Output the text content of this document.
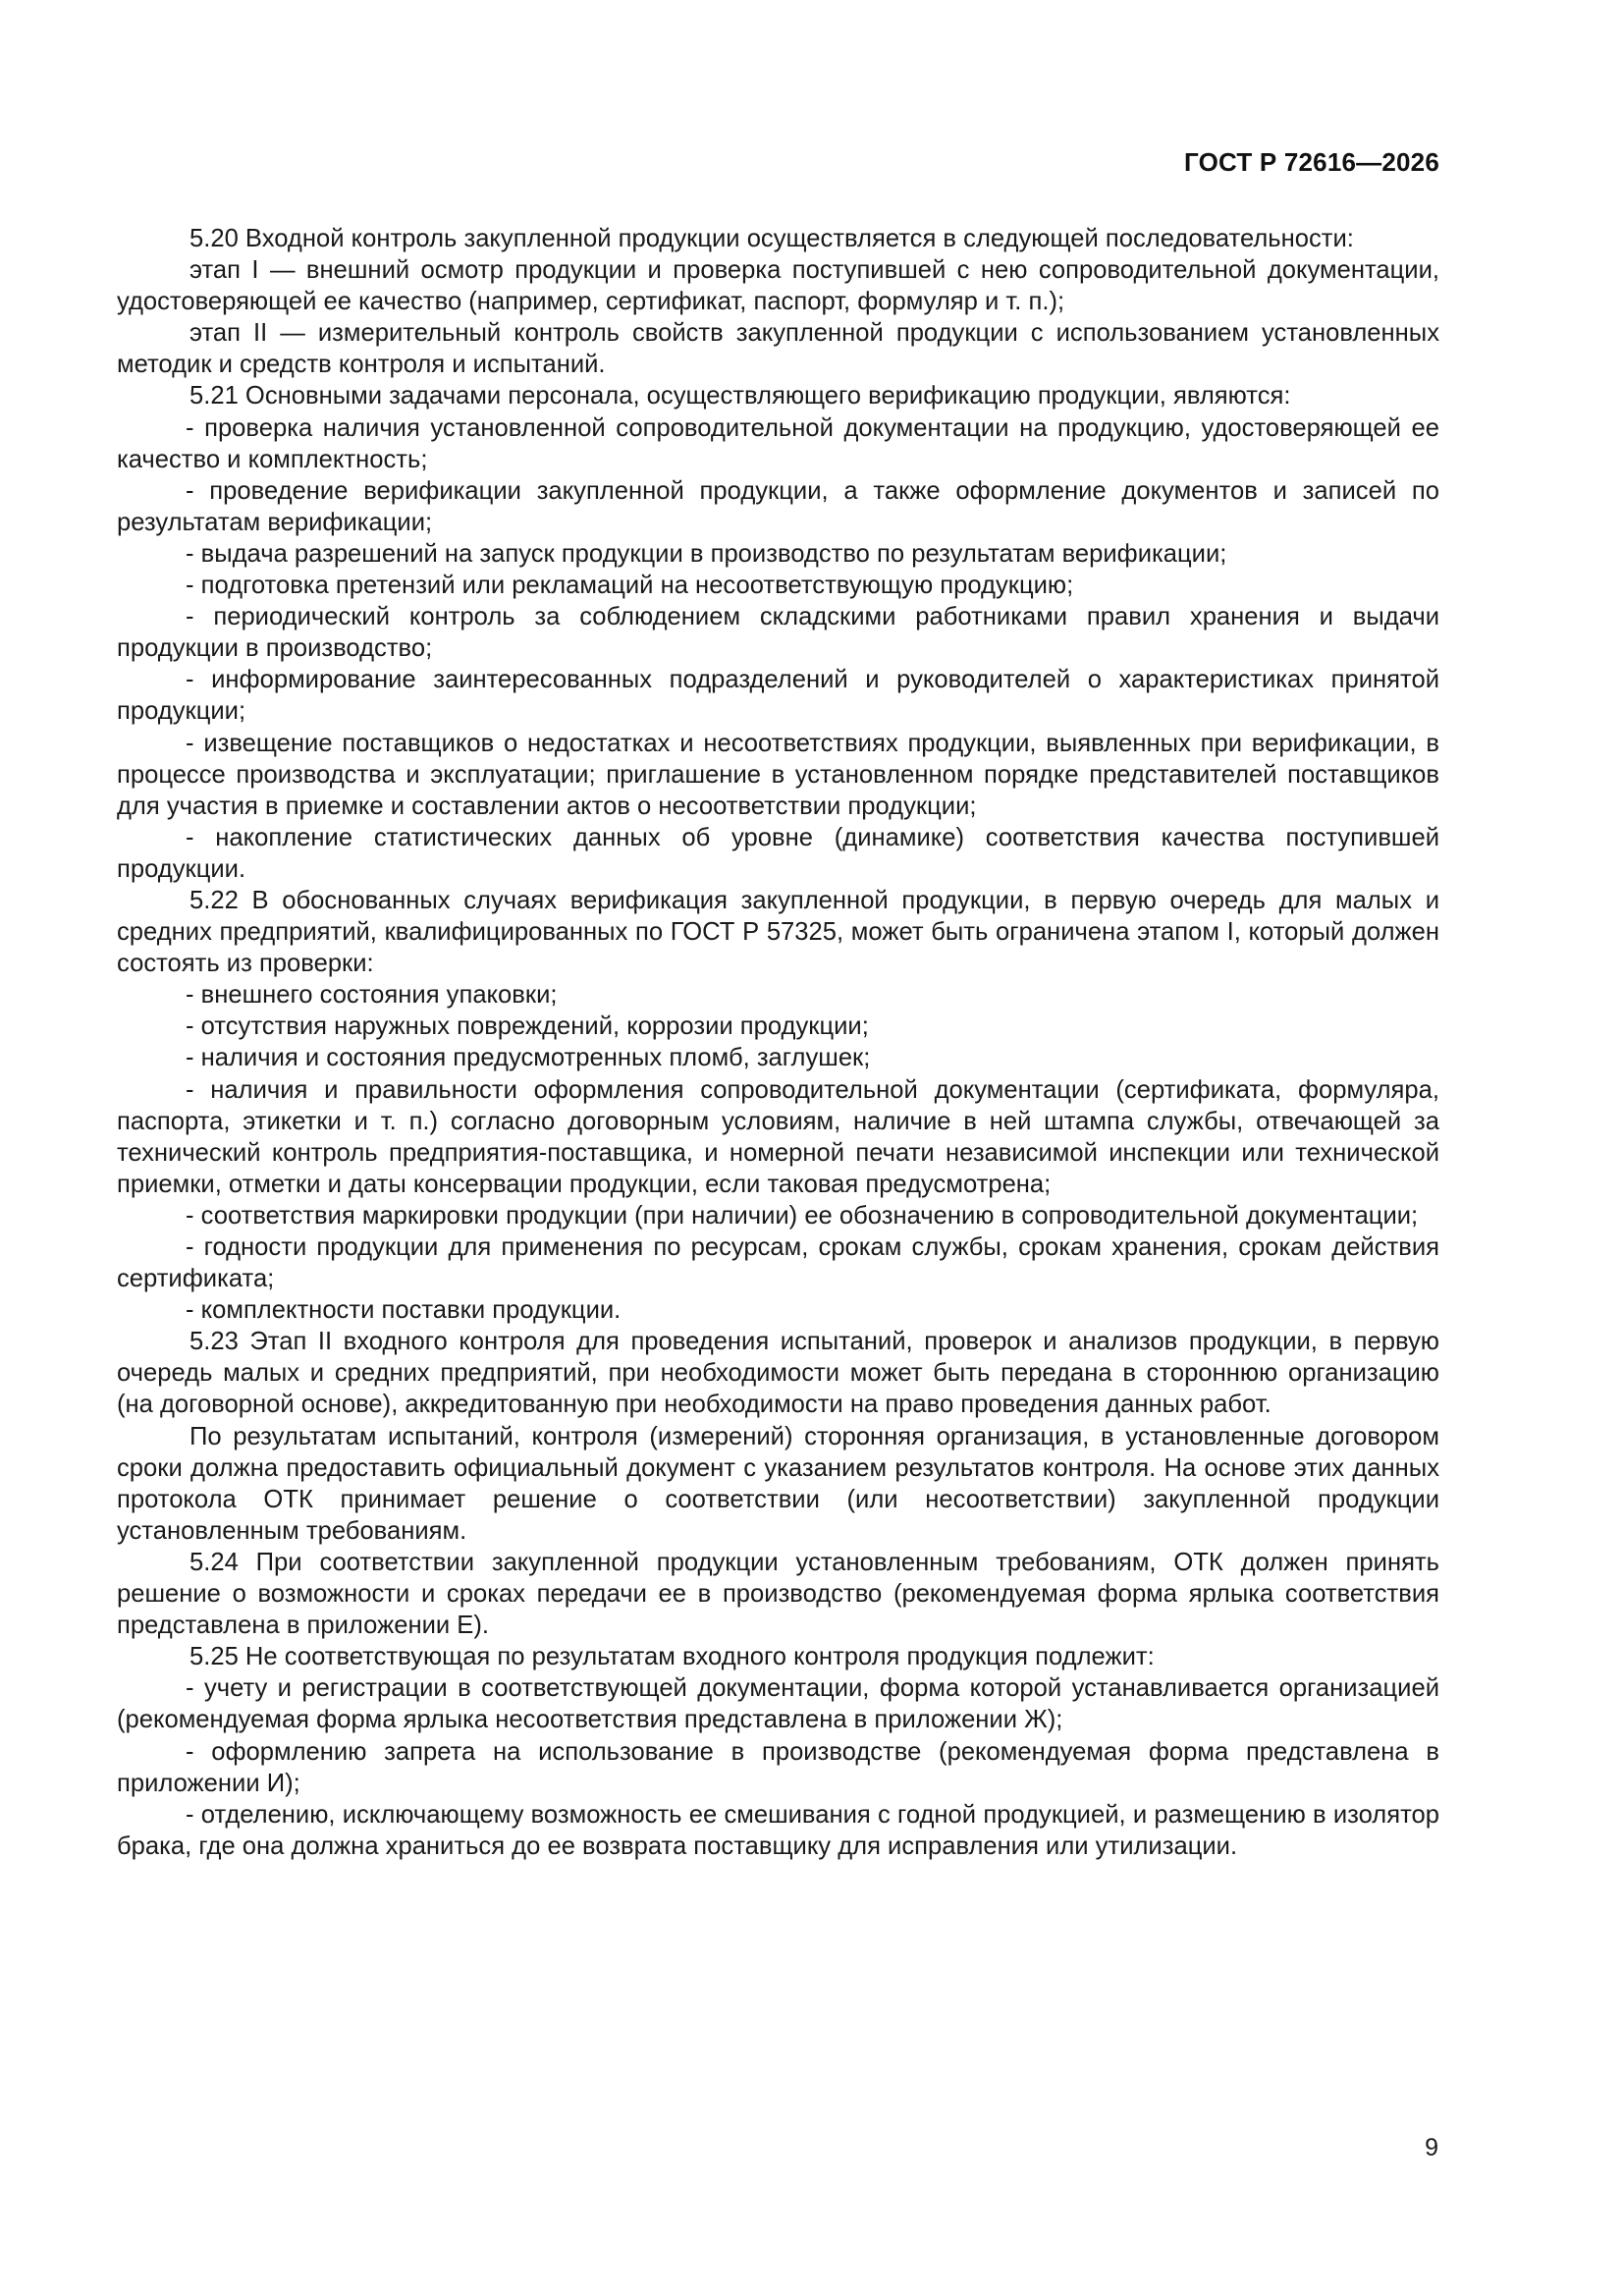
ГОСТ Р 72616—2026

5.20 Входной контроль закупленной продукции осуществляется в следующей последовательности:

этап I — внешний осмотр продукции и проверка поступившей с нею сопроводительной документации, удостоверяющей ее качество (например, сертификат, паспорт, формуляр и т. п.);

этап II — измерительный контроль свойств закупленной продукции с использованием установленных методик и средств контроля и испытаний.

5.21 Основными задачами персонала, осуществляющего верификацию продукции, являются:

- проверка наличия установленной сопроводительной документации на продукцию, удостоверяющей ее качество и комплектность;

- проведение верификации закупленной продукции, а также оформление документов и записей по результатам верификации;

- выдача разрешений на запуск продукции в производство по результатам верификации;

- подготовка претензий или рекламаций на несоответствующую продукцию;

- периодический контроль за соблюдением складскими работниками правил хранения и выдачи продукции в производство;

- информирование заинтересованных подразделений и руководителей о характеристиках принятой продукции;

- извещение поставщиков о недостатках и несоответствиях продукции, выявленных при верификации, в процессе производства и эксплуатации; приглашение в установленном порядке представителей поставщиков для участия в приемке и составлении актов о несоответствии продукции;

- накопление статистических данных об уровне (динамике) соответствия качества поступившей продукции.

5.22 В обоснованных случаях верификация закупленной продукции, в первую очередь для малых и средних предприятий, квалифицированных по ГОСТ Р 57325, может быть ограничена этапом I, который должен состоять из проверки:

- внешнего состояния упаковки;

- отсутствия наружных повреждений, коррозии продукции;

- наличия и состояния предусмотренных пломб, заглушек;

- наличия и правильности оформления сопроводительной документации (сертификата, формуляра, паспорта, этикетки и т. п.) согласно договорным условиям, наличие в ней штампа службы, отвечающей за технический контроль предприятия-поставщика, и номерной печати независимой инспекции или технической приемки, отметки и даты консервации продукции, если таковая предусмотрена;

- соответствия маркировки продукции (при наличии) ее обозначению в сопроводительной документации;

- годности продукции для применения по ресурсам, срокам службы, срокам хранения, срокам действия сертификата;

- комплектности поставки продукции.

5.23 Этап II входного контроля для проведения испытаний, проверок и анализов продукции, в первую очередь малых и средних предприятий, при необходимости может быть передана в стороннюю организацию (на договорной основе), аккредитованную при необходимости на право проведения данных работ.

По результатам испытаний, контроля (измерений) сторонняя организация, в установленные договором сроки должна предоставить официальный документ с указанием результатов контроля. На основе этих данных протокола ОТК принимает решение о соответствии (или несоответствии) закупленной продукции установленным требованиям.

5.24 При соответствии закупленной продукции установленным требованиям, ОТК должен принять решение о возможности и сроках передачи ее в производство (рекомендуемая форма ярлыка соответствия представлена в приложении Е).

5.25 Не соответствующая по результатам входного контроля продукция подлежит:

- учету и регистрации в соответствующей документации, форма которой устанавливается организацией (рекомендуемая форма ярлыка несоответствия представлена в приложении Ж);

- оформлению запрета на использование в производстве (рекомендуемая форма представлена в приложении И);

- отделению, исключающему возможность ее смешивания с годной продукцией, и размещению в изолятор брака, где она должна храниться до ее возврата поставщику для исправления или утилизации.

9
